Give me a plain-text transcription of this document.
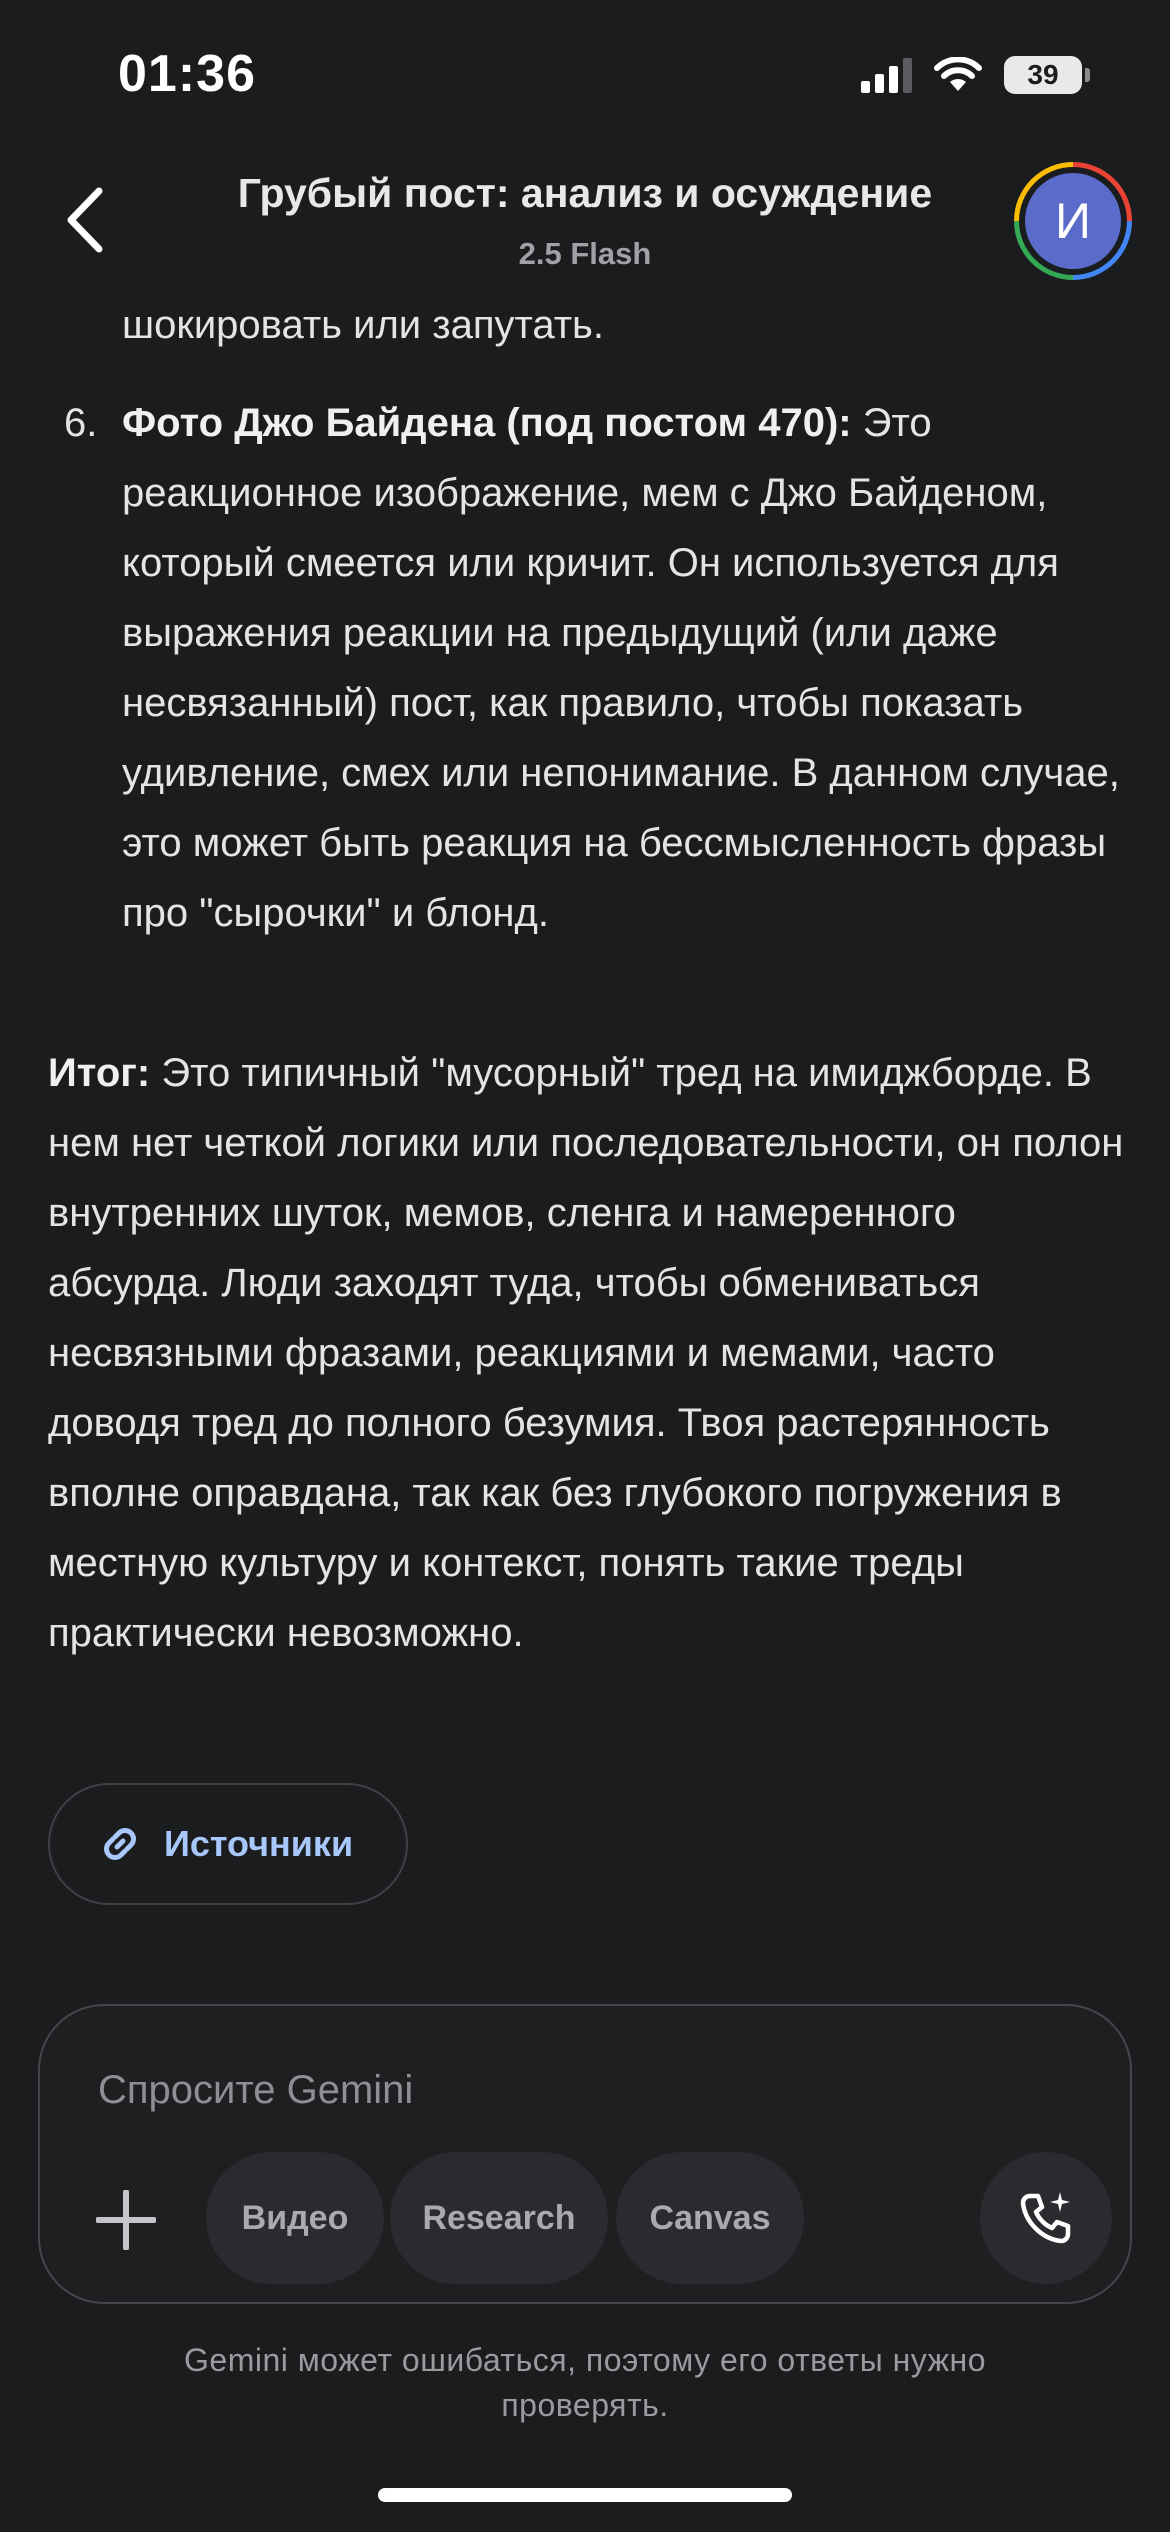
01:36	39
Грубый пост: анализ и осуждение
2.5 Flash
И
шокировать или запутать.
6. Фото Джо Байдена (под постом 470): Это реакционное изображение, мем с Джо Байденом, который смеется или кричит. Он используется для выражения реакции на предыдущий (или даже несвязанный) пост, как правило, чтобы показать удивление, смех или непонимание. В данном случае, это может быть реакция на бессмысленность фразы про "сырочки" и блонд.
Итог: Это типичный "мусорный" тред на имиджборде. В нем нет четкой логики или последовательности, он полон внутренних шуток, мемов, сленга и намеренного абсурда. Люди заходят туда, чтобы обмениваться несвязными фразами, реакциями и мемами, часто доводя тред до полного безумия. Твоя растерянность вполне оправдана, так как без глубокого погружения в местную культуру и контекст, понять такие треды практически невозможно.
Источники
Спросите Gemini
Видео	Research	Canvas
Gemini может ошибаться, поэтому его ответы нужно проверять.
